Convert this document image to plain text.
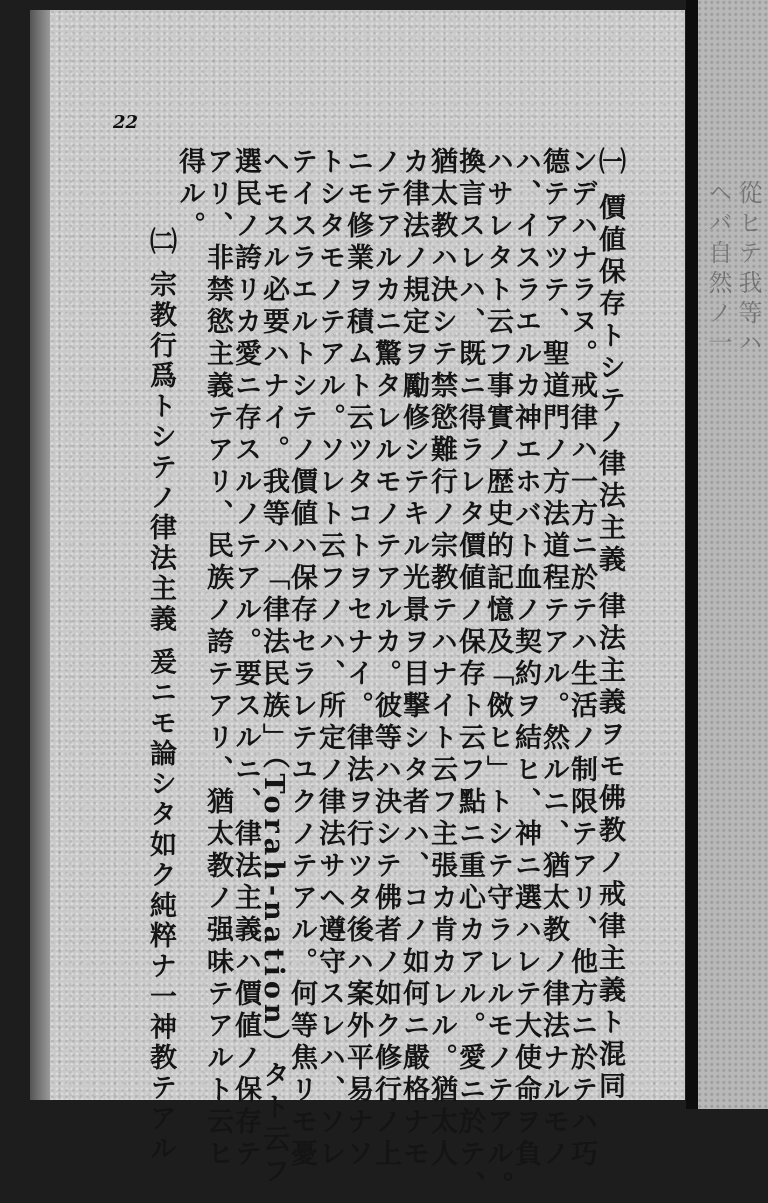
從ヒテ我等ハ
ヘバ自然ノ一
22
㈠ 價値保存トシテノ律法主義 律法主義ヲモ佛教ノ戒律主義ト混同
ンデハナラヌ。戒律ハ一方ニ於テハ生活ノ制限テアリ、他方ニ於テハ巧
德テアツテ、聖道門ノ方法道程テアル。然ルニ、猶太教ノ律法ナルモノ
ハ、イスラエルカ神エホバト血ノ契約ヲ結ヒ、神ニ選ハレテ大使命ヲ負
ハサレタト云フ事實ノ歴史的記憶及「傚ヒ」トシテ守ラレルモノテアル。
換言スレハ、既ニ得ラレタ價値ノ保存ト云フ點ニ重心カアル。愛ニ於テ、
猶太教ハ決シテ禁慾難行ノ宗教テハナイト云フ主張カ肯カレル。猶太人
カ律法ノ規定ヲ勵修シテキル光景ヲ目撃シタ者ハ、コノ如何ニ嚴格ナモ
ノテアルカニ驚タレルモノテアルカ。彼等ハ決シテ佛者ノ如ク修行ノ上
ニモ修業ヲ積ムト云ツタコトヲセナイ。律法ヲ行ツタ後ハ案外平易ナソ
トシタモノテアル。ソレト云フノハ、所定ノ律法サヘ遵守スレハ、ソレ
テイスラエルトシテノ價値ハ保存セラレテユクノテアル。何等焦リモ憂
ヘモスル必要ハナイ。我等ハ「律法民族」（Torah-nation）タト云フ
選民ノ誇リカ愛ニ存スルノテアル。要スルニ、律法主義ハ價値ノ保存テ
アリ、非禁慾主義テアリ、民族ノ誇テアリ、猶太教ノ强味テアルト云ヒ
得ル。
㈡ 宗教行爲トシテノ律法主義 爰ニモ論シタ如ク純粹ナ一神教テアル
